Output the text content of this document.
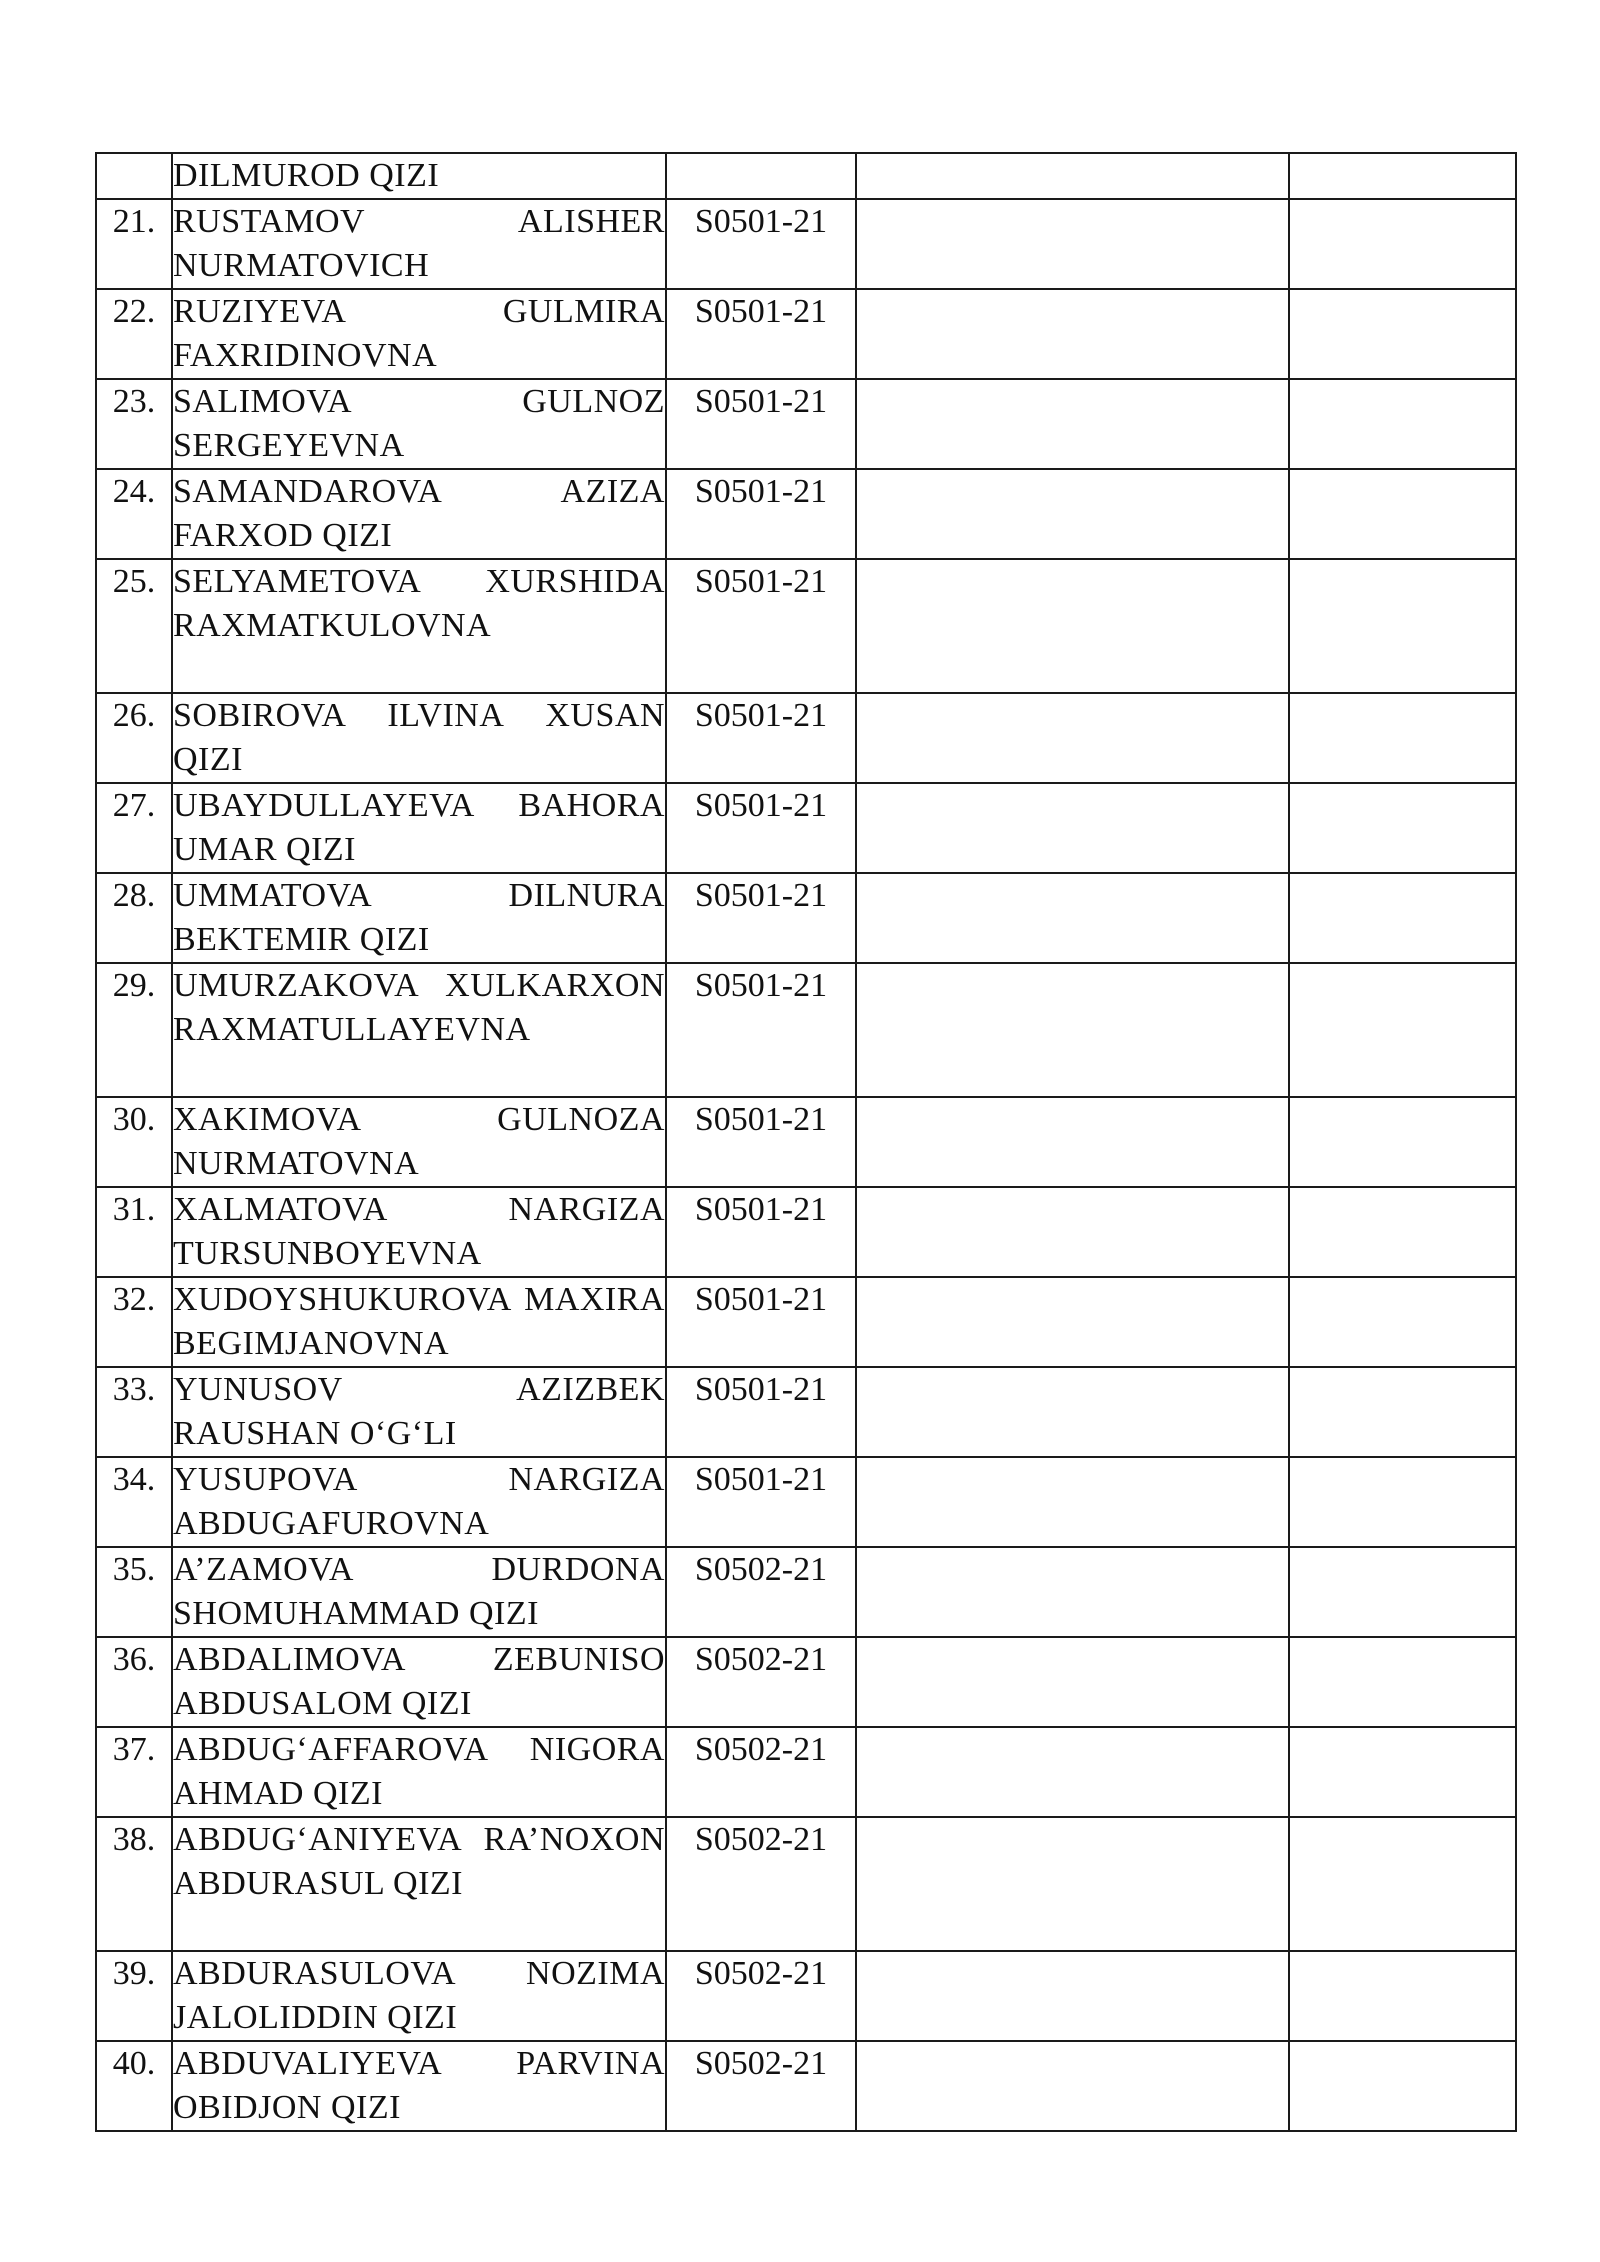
	DILMUROD QIZI			
21.	RUSTAMOV ALISHER NURMATOVICH	S0501-21		
22.	RUZIYEVA GULMIRA FAXRIDINOVNA	S0501-21		
23.	SALIMOVA GULNOZ SERGEYEVNA	S0501-21		
24.	SAMANDAROVA AZIZA FARXOD QIZI	S0501-21		
25.	SELYAMETOVA XURSHIDA RAXMATKULOVNA	S0501-21		
26.	SOBIROVA ILVINA XUSAN QIZI	S0501-21		
27.	UBAYDULLAYEVA BAHORA UMAR QIZI	S0501-21		
28.	UMMATOVA DILNURA BEKTEMIR QIZI	S0501-21		
29.	UMURZAKOVA XULKARXON RAXMATULLAYEVNA	S0501-21		
30.	XAKIMOVA GULNOZA NURMATOVNA	S0501-21		
31.	XALMATOVA NARGIZA TURSUNBOYEVNA	S0501-21		
32.	XUDOYSHUKUROVA MAXIRA BEGIMJANOVNA	S0501-21		
33.	YUNUSOV AZIZBEK RAUSHAN O‘G‘LI	S0501-21		
34.	YUSUPOVA NARGIZA ABDUGAFUROVNA	S0501-21		
35.	A’ZAMOVA DURDONA SHOMUHAMMAD QIZI	S0502-21		
36.	ABDALIMOVA ZEBUNISO ABDUSALOM QIZI	S0502-21		
37.	ABDUG‘AFFAROVA NIGORA AHMAD QIZI	S0502-21		
38.	ABDUG‘ANIYEVA RA’NOXON ABDURASUL QIZI	S0502-21		
39.	ABDURASULOVA NOZIMA JALOLIDDIN QIZI	S0502-21		
40.	ABDUVALIYEVA PARVINA OBIDJON QIZI	S0502-21		
